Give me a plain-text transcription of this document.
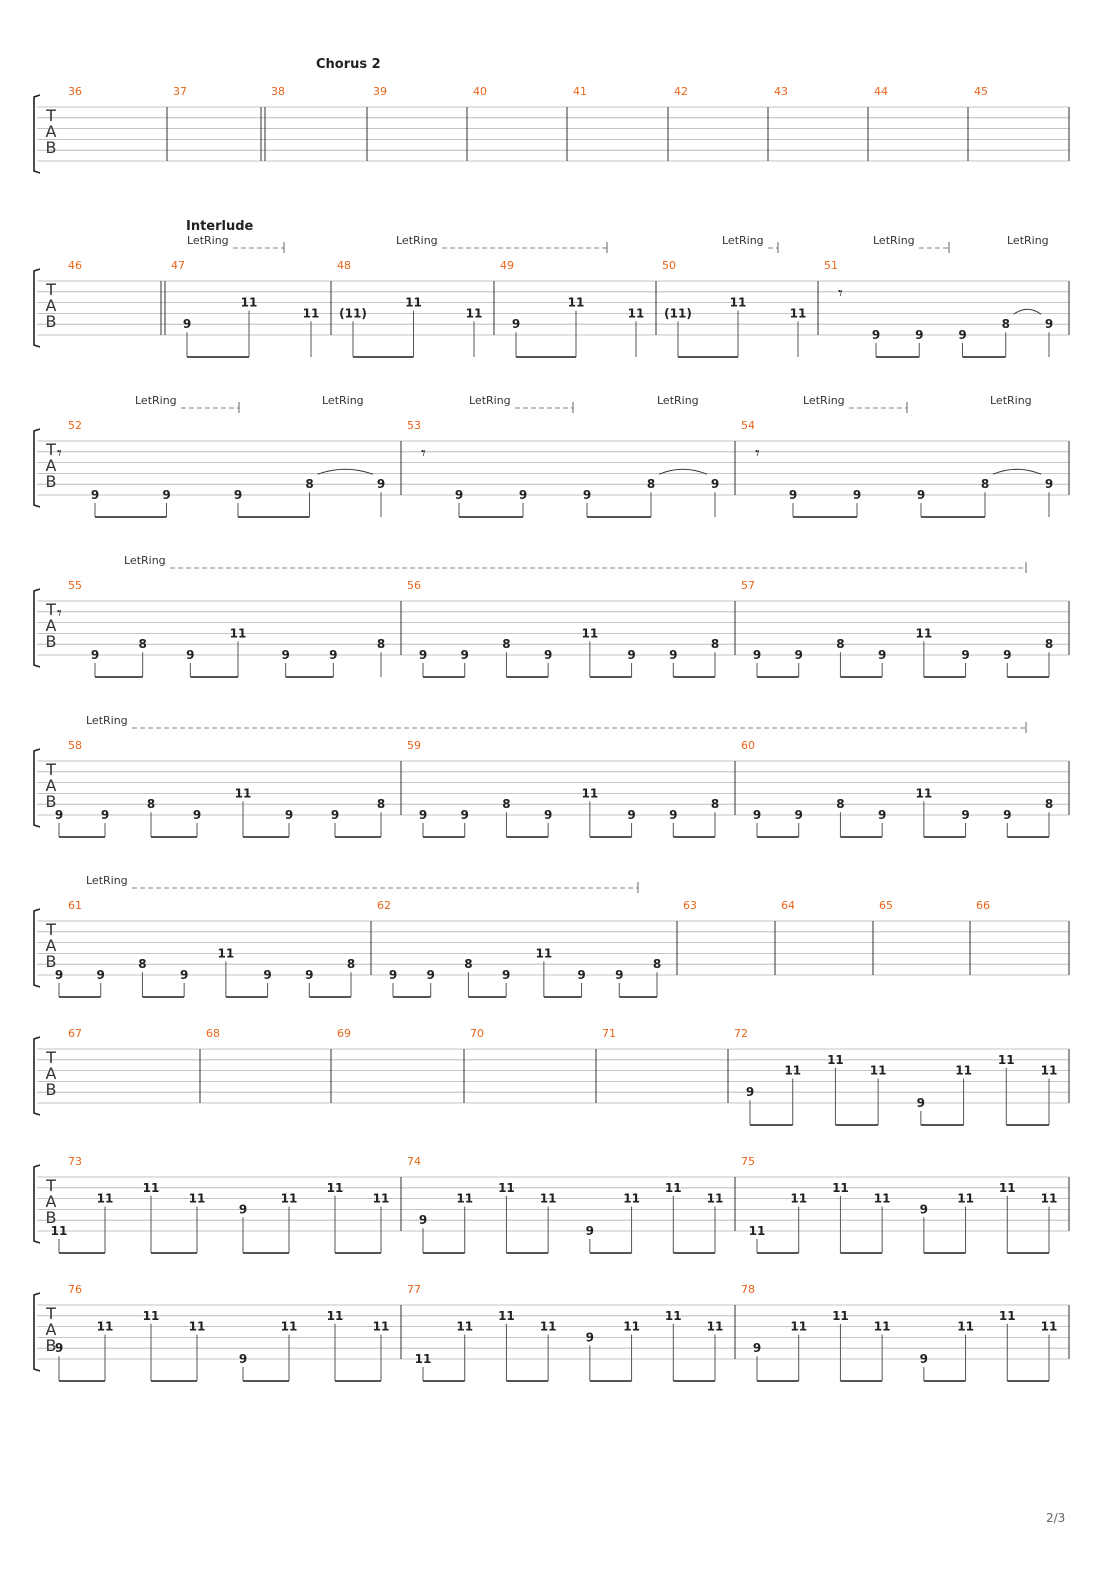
T
A
B
Chorus 2
36	37	38	39	40	41	42	43	44	45
T
A
B
Interlude
LetRing	LetRing	LetRing	LetRing	LetRing
46	47
9
11
11
48
(11)
11
11
49
9
11
11
50
(11)
11
11
51
𝄾
9	9	9
8	9
T
A
B
LetRing	LetRing	LetRing	LetRing	LetRing	LetRing
52
𝄾
9	9	9
8	9
53
𝄾
9	9	9
8	9
54
𝄾
9	9	9
8	9
T
A
B
LetRing
55
𝄾
9
8
9
11
9	9
8
56
9	9
8
9
11
9	9
8
57
9	9
8
9
11
9	9
8
T
A
B
LetRing
58
9	9
8
9
11
9	9
8
59
9	9
8
9
11
9	9
8
60
9	9
8
9
11
9	9
8
T
A
B
LetRing
61
9	9
8
9
11
9	9
8
62
9 9
8
9
11
9 9
8
63	64	65	66
T
A
B
67	68	69	70	71	72
9
11
11
11
9
11
11
11
T
A
B
73
11
11
11
11
9
11
11
11
74
9
11
11
11
9
11
11
11
75
11
11
11
11
9
11
11
11
T
A
B
76
9
11
11
11
9
11
11
11
77
11
11
11
11
9
11
11
11
78
9
11
11
11
9
11
11
11
2/3
